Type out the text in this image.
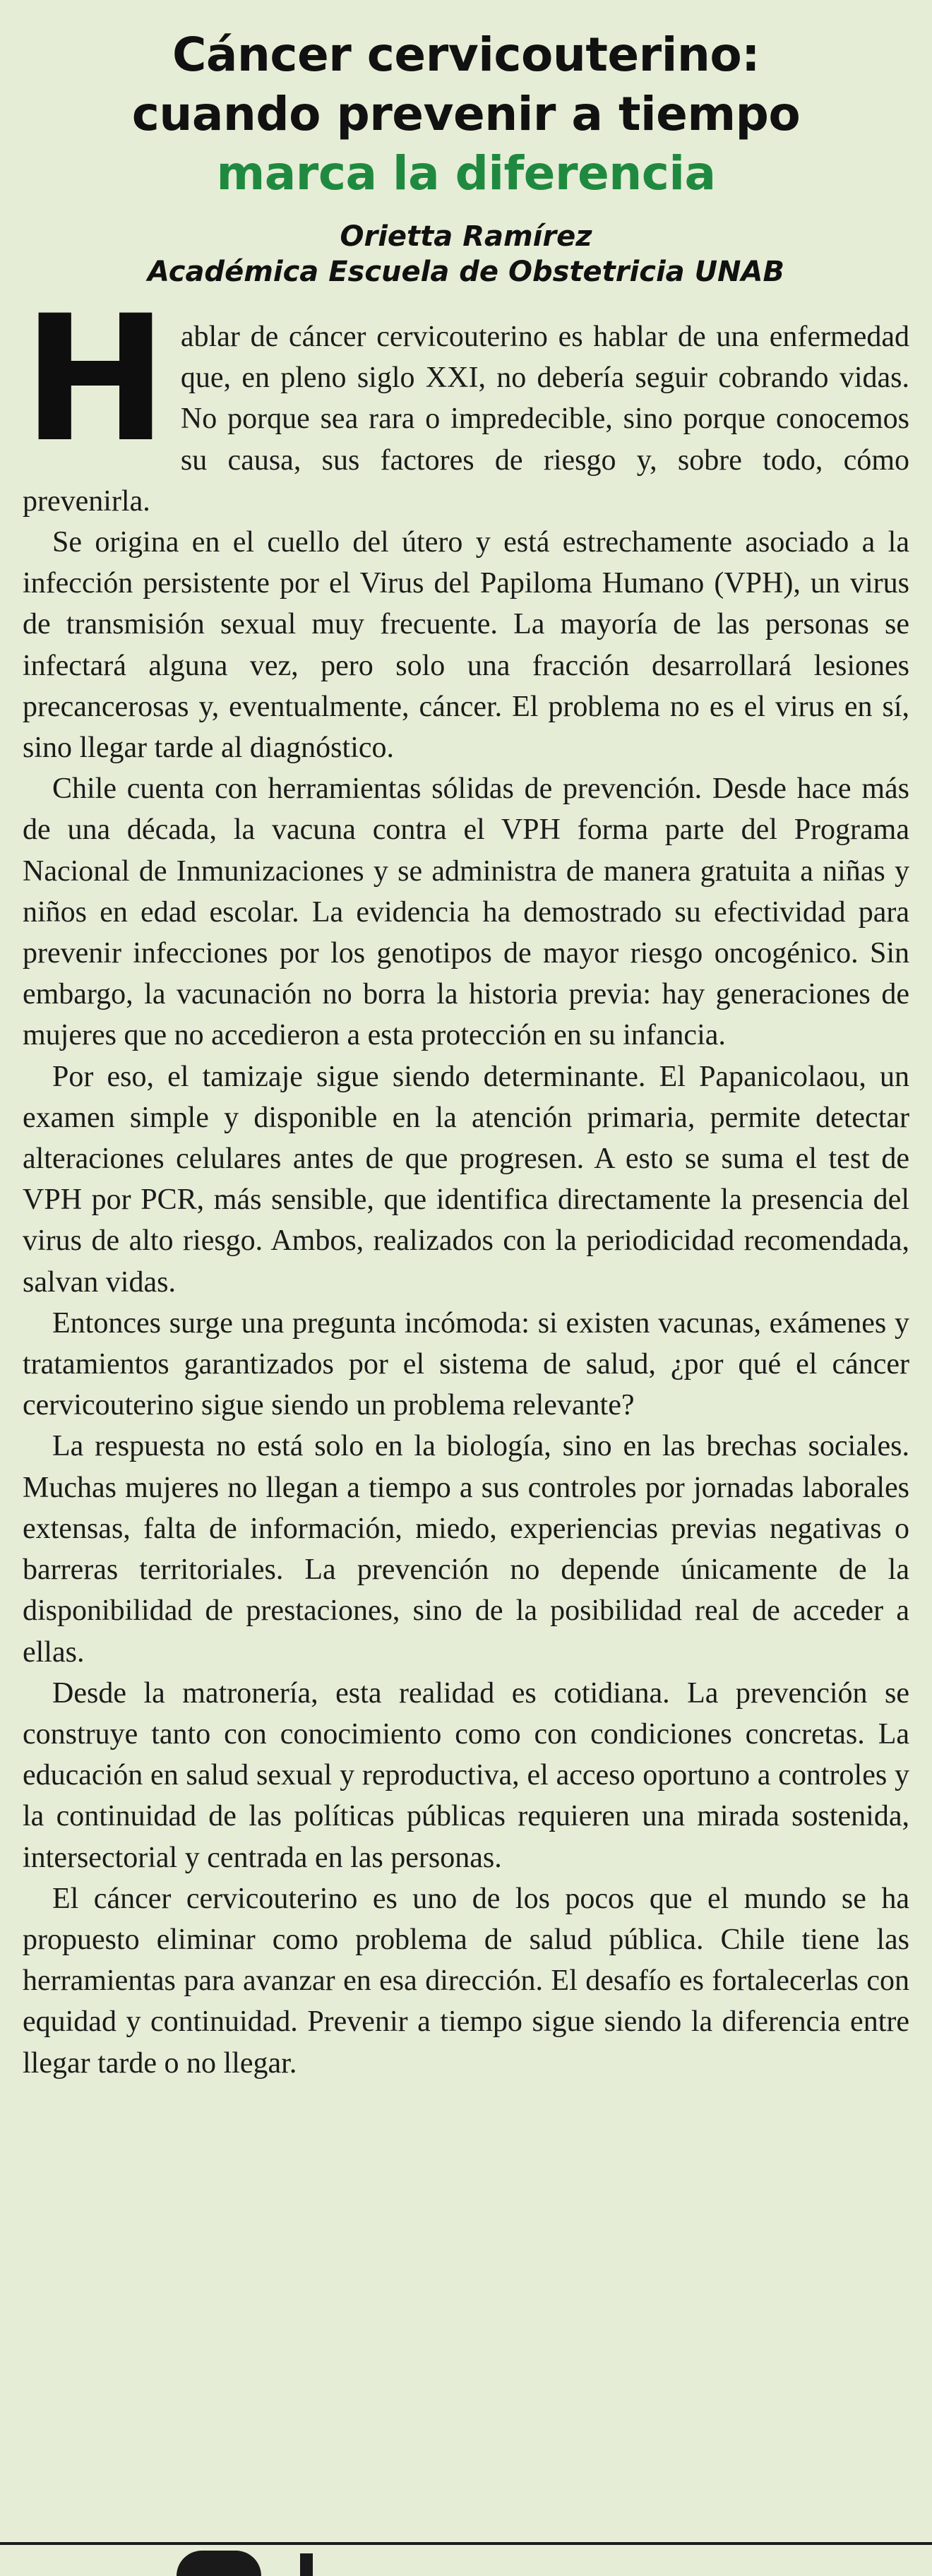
Cáncer cervicouterino:
cuando prevenir a tiempo
marca la diferencia
Orietta Ramírez
Académica Escuela de Obstetricia UNAB

Hablar de cáncer cervicouterino es hablar de una enfermedad que, en pleno siglo XXI, no debería seguir cobrando vidas. No porque sea rara o impredecible, sino porque conocemos su causa, sus factores de riesgo y, sobre todo, cómo prevenirla.

Se origina en el cuello del útero y está estrechamente asociado a la infección persistente por el Virus del Papiloma Humano (VPH), un virus de transmisión sexual muy frecuente. La mayoría de las personas se infectará alguna vez, pero solo una fracción desarrollará lesiones precancerosas y, eventualmente, cáncer. El problema no es el virus en sí, sino llegar tarde al diagnóstico.

Chile cuenta con herramientas sólidas de prevención. Desde hace más de una década, la vacuna contra el VPH forma parte del Programa Nacional de Inmunizaciones y se administra de manera gratuita a niñas y niños en edad escolar. La evidencia ha demostrado su efectividad para prevenir infecciones por los genotipos de mayor riesgo oncogénico. Sin embargo, la vacunación no borra la historia previa: hay generaciones de mujeres que no accedieron a esta protección en su infancia.

Por eso, el tamizaje sigue siendo determinante. El Papanicolaou, un examen simple y disponible en la atención primaria, permite detectar alteraciones celulares antes de que progresen. A esto se suma el test de VPH por PCR, más sensible, que identifica directamente la presencia del virus de alto riesgo. Ambos, realizados con la periodicidad recomendada, salvan vidas.

Entonces surge una pregunta incómoda: si existen vacunas, exámenes y tratamientos garantizados por el sistema de salud, ¿por qué el cáncer cervicouterino sigue siendo un problema relevante?

La respuesta no está solo en la biología, sino en las brechas sociales. Muchas mujeres no llegan a tiempo a sus controles por jornadas laborales extensas, falta de información, miedo, experiencias previas negativas o barreras territoriales. La prevención no depende únicamente de la disponibilidad de prestaciones, sino de la posibilidad real de acceder a ellas.

Desde la matronería, esta realidad es cotidiana. La prevención se construye tanto con conocimiento como con condiciones concretas. La educación en salud sexual y reproductiva, el acceso oportuno a controles y la continuidad de las políticas públicas requieren una mirada sostenida, intersectorial y centrada en las personas.

El cáncer cervicouterino es uno de los pocos que el mundo se ha propuesto eliminar como problema de salud pública. Chile tiene las herramientas para avanzar en esa dirección. El desafío es fortalecerlas con equidad y continuidad. Prevenir a tiempo sigue siendo la diferencia entre llegar tarde o no llegar.
